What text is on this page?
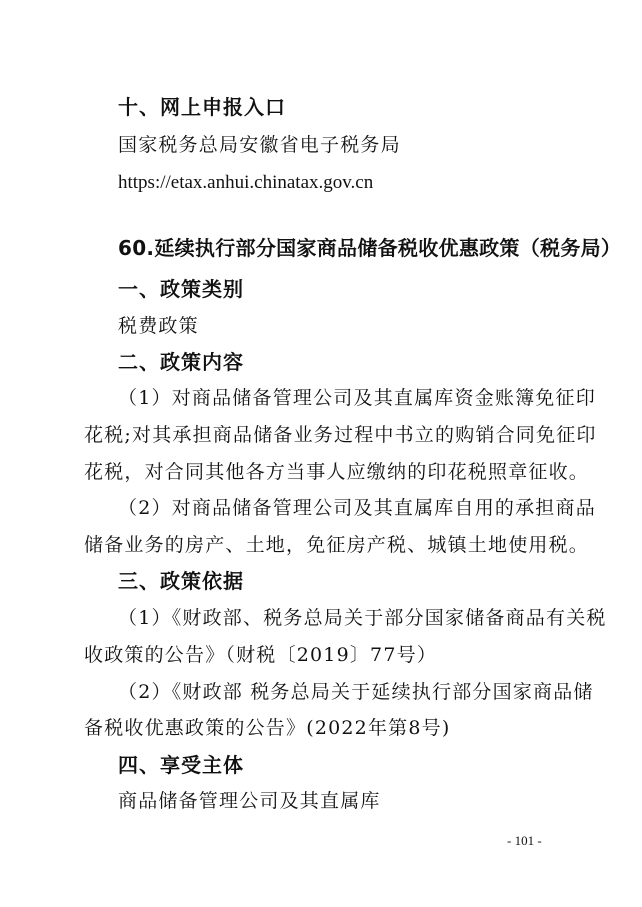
十、网上申报入口
国家税务总局安徽省电子税务局
https://etax.anhui.chinatax.gov.cn
60.延续执行部分国家商品储备税收优惠政策（税务局）
一、政策类别
税费政策
二、政策内容
（1）对商品储备管理公司及其直属库资金账簿免征印
花税;对其承担商品储备业务过程中书立的购销合同免征印
花税，对合同其他各方当事人应缴纳的印花税照章征收。
（2）对商品储备管理公司及其直属库自用的承担商品
储备业务的房产、土地，免征房产税、城镇土地使用税。
三、政策依据
（1）《财政部、税务总局关于部分国家储备商品有关税
收政策的公告》（财税〔2019〕77号）
（2）《财政部 税务总局关于延续执行部分国家商品储
备税收优惠政策的公告》(2022年第8号)
四、享受主体
商品储备管理公司及其直属库
- 101 -
